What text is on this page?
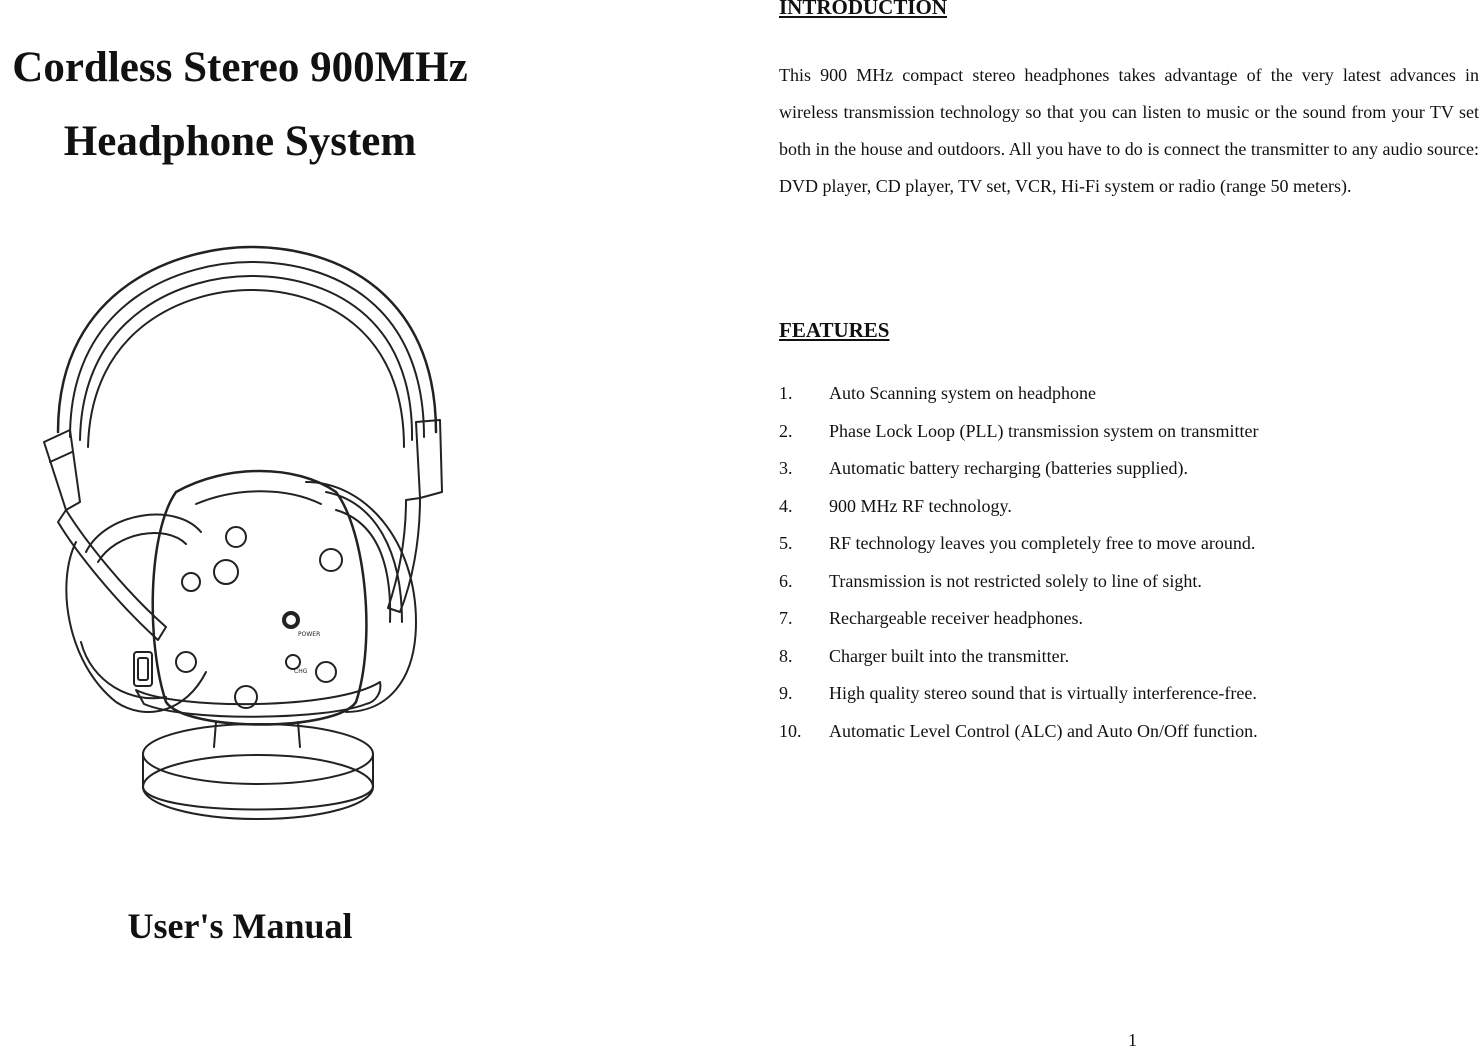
Cordless Stereo 900MHz
Headphone System
POWER
CHG
User's Manual
INTRODUCTION

This 900 MHz compact stereo headphones takes advantage of the very latest advances in wireless transmission technology so that you can listen to music or the sound from your TV set both in the house and outdoors. All you have to do is connect the transmitter to any audio source: DVD player, CD player, TV set, VCR, Hi-Fi system or radio (range 50 meters).

FEATURES
1. Auto Scanning system on headphone
2. Phase Lock Loop (PLL) transmission system on transmitter
3. Automatic battery recharging (batteries supplied).
4. 900 MHz RF technology.
5. RF technology leaves you completely free to move around.
6. Transmission is not restricted solely to line of sight.
7. Rechargeable receiver headphones.
8. Charger built into the transmitter.
9. High quality stereo sound that is virtually interference-free.
10. Automatic Level Control (ALC) and Auto On/Off function.
1
